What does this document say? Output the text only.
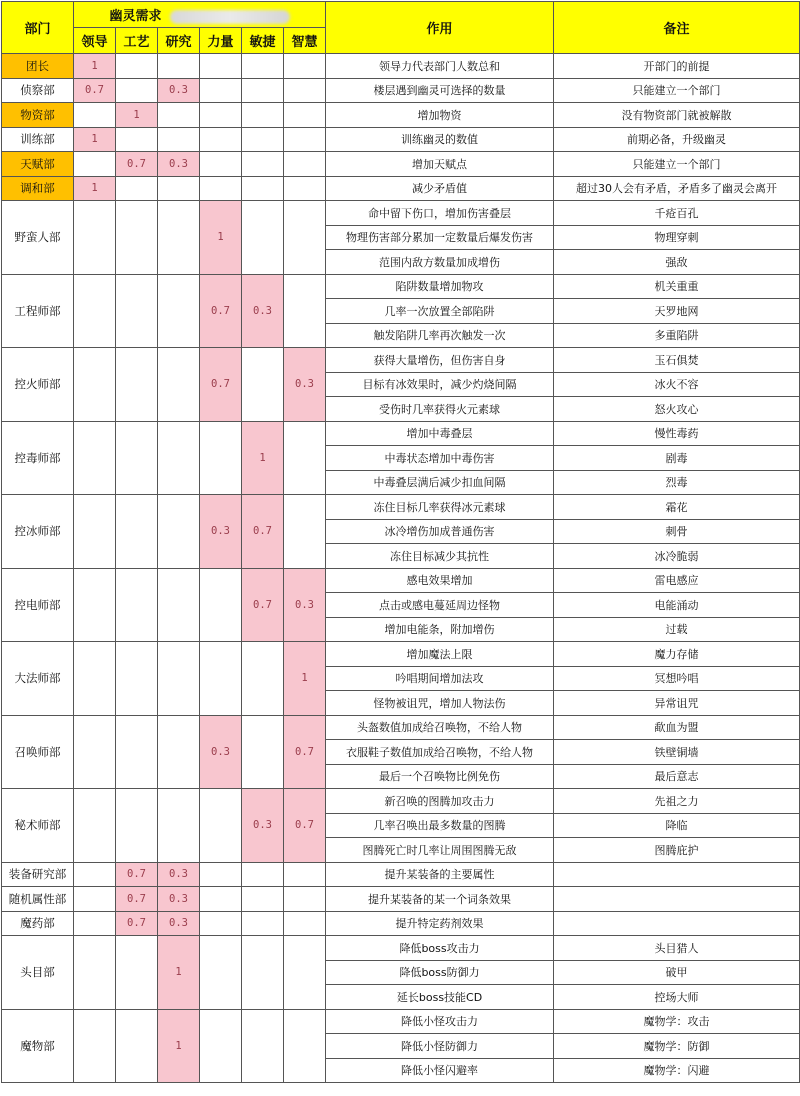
部门	幽灵需求						作用	备注
	领导	工艺	研究	力量	敏捷	智慧		
团长	1						领导力代表部门人数总和	开部门的前提
侦察部	0.7		0.3				楼层遇到幽灵可选择的数量	只能建立一个部门
物资部		1					增加物资	没有物资部门就被解散
训练部	1						训练幽灵的数值	前期必备，升级幽灵
天赋部		0.7	0.3				增加天赋点	只能建立一个部门
调和部	1						减少矛盾值	超过30人会有矛盾，矛盾多了幽灵会离开
野蛮人部				1			命中留下伤口，增加伤害叠层	千疮百孔
							物理伤害部分累加一定数量后爆发伤害	物理穿刺
							范围内敌方数量加成增伤	强敌
工程师部				0.7	0.3		陷阱数量增加物攻	机关重重
							几率一次放置全部陷阱	天罗地网
							触发陷阱几率再次触发一次	多重陷阱
控火师部				0.7		0.3	获得大量增伤，但伤害自身	玉石俱焚
							目标有冰效果时，减少灼烧间隔	冰火不容
							受伤时几率获得火元素球	怒火攻心
控毒师部					1		增加中毒叠层	慢性毒药
							中毒状态增加中毒伤害	剧毒
							中毒叠层满后减少扣血间隔	烈毒
控冰师部				0.3	0.7		冻住目标几率获得冰元素球	霜花
							冰冷增伤加成普通伤害	刺骨
							冻住目标减少其抗性	冰冷脆弱
控电师部					0.7	0.3	感电效果增加	雷电感应
							点击或感电蔓延周边怪物	电能涌动
							增加电能条，附加增伤	过载
大法师部						1	增加魔法上限	魔力存储
							吟唱期间增加法攻	冥想吟唱
							怪物被诅咒，增加人物法伤	异常诅咒
召唤师部				0.3		0.7	头盔数值加成给召唤物，不给人物	歃血为盟
							衣服鞋子数值加成给召唤物，不给人物	铁壁铜墙
							最后一个召唤物比例免伤	最后意志
秘术师部					0.3	0.7	新召唤的图腾加攻击力	先祖之力
							几率召唤出最多数量的图腾	降临
							图腾死亡时几率让周围图腾无敌	图腾庇护
装备研究部		0.7	0.3				提升某装备的主要属性	
随机属性部		0.7	0.3				提升某装备的某一个词条效果	
魔药部		0.7	0.3				提升特定药剂效果	
头目部			1				降低boss攻击力	头目猎人
							降低boss防御力	破甲
							延长boss技能CD	控场大师
魔物部			1				降低小怪攻击力	魔物学：攻击
							降低小怪防御力	魔物学：防御
							降低小怪闪避率	魔物学：闪避
